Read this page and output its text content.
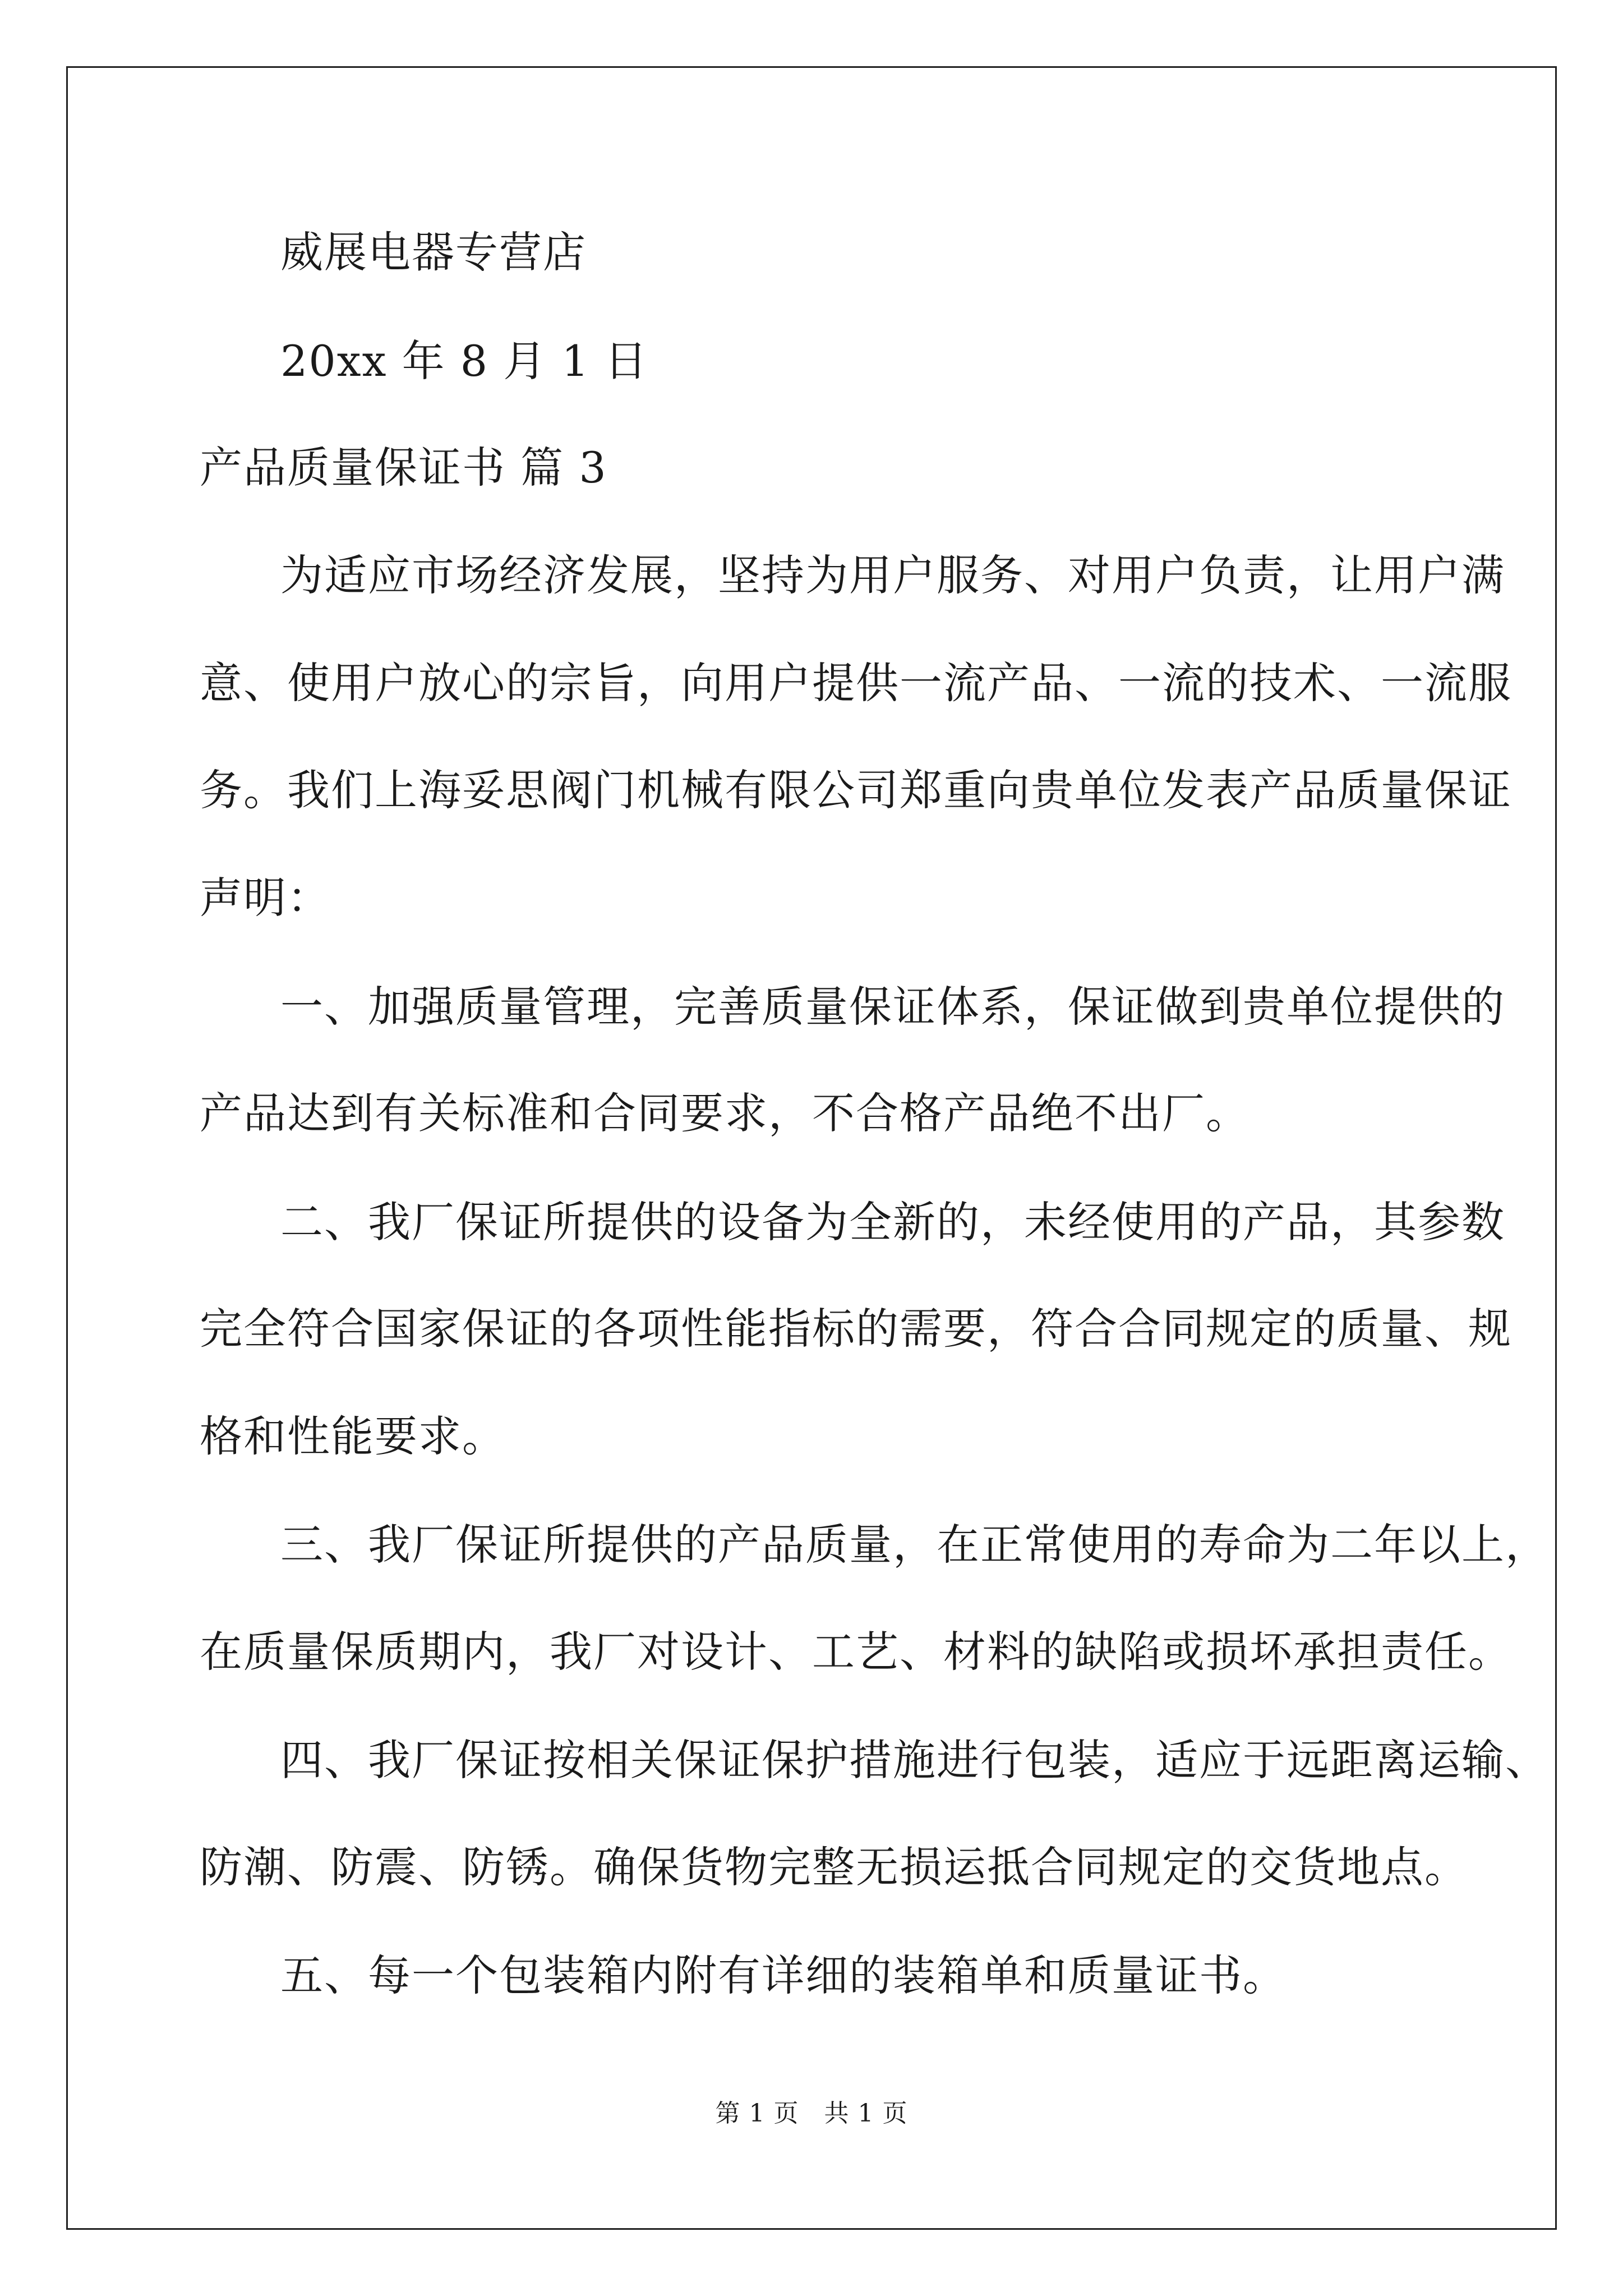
威展电器专营店
20xx 年 8 月 1 日
产品质量保证书 篇 3
为适应市场经济发展，坚持为用户服务、对用户负责，让用户满
意、使用户放心的宗旨，向用户提供一流产品、一流的技术、一流服
务。我们上海妥思阀门机械有限公司郑重向贵单位发表产品质量保证
声明：
一、加强质量管理，完善质量保证体系，保证做到贵单位提供的
产品达到有关标准和合同要求，不合格产品绝不出厂。
二、我厂保证所提供的设备为全新的，未经使用的产品，其参数
完全符合国家保证的各项性能指标的需要，符合合同规定的质量、规
格和性能要求。
三、我厂保证所提供的产品质量，在正常使用的寿命为二年以上，
在质量保质期内，我厂对设计、工艺、材料的缺陷或损坏承担责任。
四、我厂保证按相关保证保护措施进行包装，适应于远距离运输、
防潮、防震、防锈。确保货物完整无损运抵合同规定的交货地点。
五、每一个包装箱内附有详细的装箱单和质量证书。
第 1 页　共 1 页
